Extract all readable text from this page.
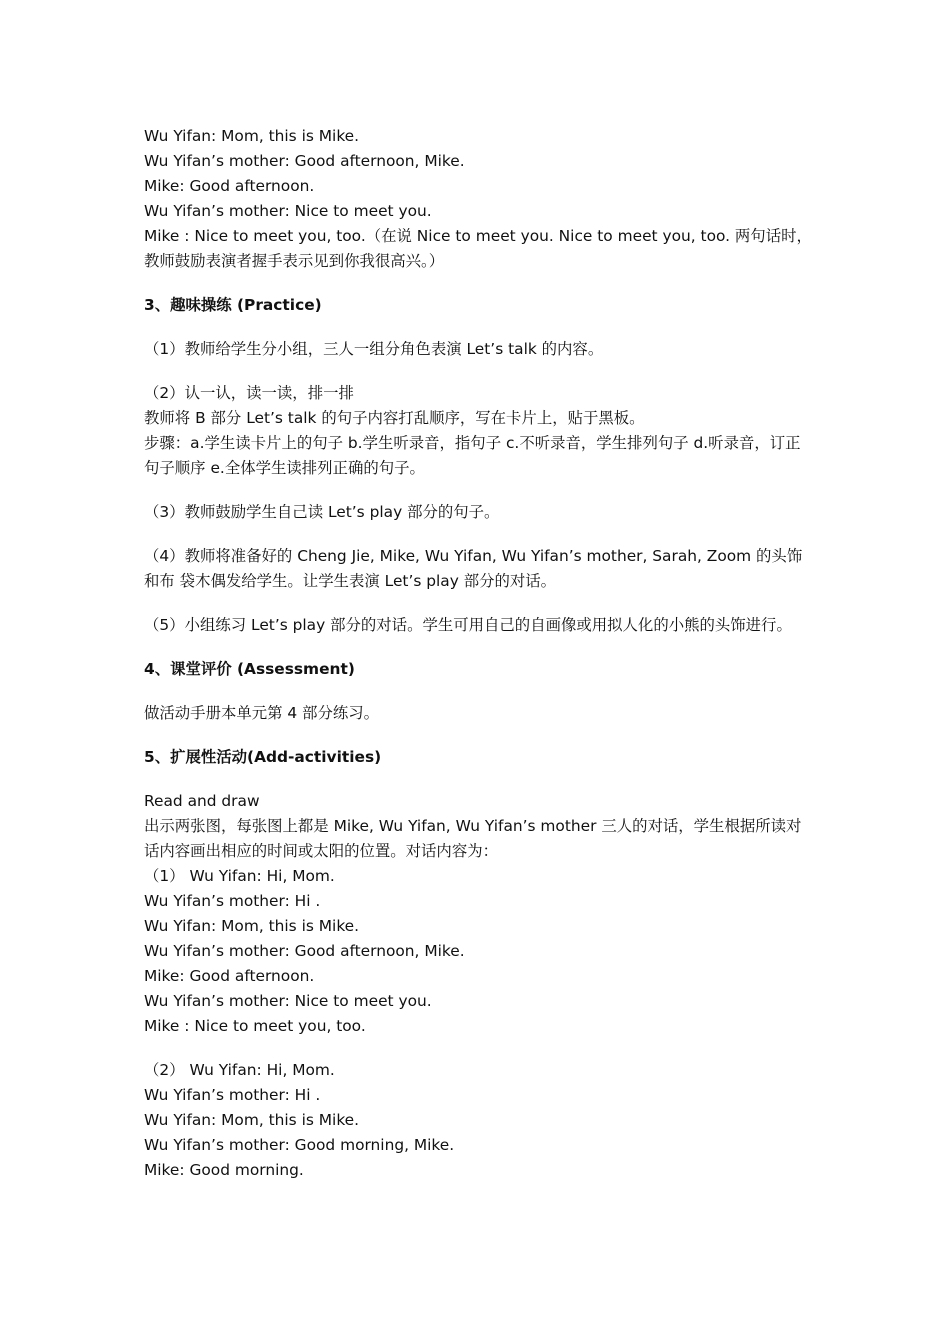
Wu Yifan: Mom, this is Mike.
Wu Yifan’s mother: Good afternoon, Mike.
Mike: Good afternoon.
Wu Yifan’s mother: Nice to meet you.
Mike : Nice to meet you, too.（在说 Nice to meet you. Nice to meet you, too. 两句话时，教师鼓励表演者握手表示见到你我很高兴。）
3、趣味操练 (Practice)
（1）教师给学生分小组，三人一组分角色表演 Let’s talk 的内容。
（2）认一认，读一读，排一排
教师将 B 部分 Let’s talk 的句子内容打乱顺序，写在卡片上，贴于黑板。
步骤：a.学生读卡片上的句子 b.学生听录音，指句子 c.不听录音，学生排列句子 d.听录音，订正句子顺序 e.全体学生读排列正确的句子。
（3）教师鼓励学生自己读 Let’s play 部分的句子。
（4）教师将准备好的 Cheng Jie, Mike, Wu Yifan, Wu Yifan’s mother, Sarah, Zoom 的头饰和布 袋木偶发给学生。让学生表演 Let’s play 部分的对话。
（5）小组练习 Let’s play 部分的对话。学生可用自己的自画像或用拟人化的小熊的头饰进行。
4、课堂评价 (Assessment)
做活动手册本单元第 4 部分练习。
5、扩展性活动(Add-activities)
Read and draw
出示两张图，每张图上都是 Mike, Wu Yifan, Wu Yifan’s mother 三人的对话，学生根据所读对话内容画出相应的时间或太阳的位置。对话内容为：
（1） Wu Yifan: Hi, Mom.
Wu Yifan’s mother: Hi .
Wu Yifan: Mom, this is Mike.
Wu Yifan’s mother: Good afternoon, Mike.
Mike: Good afternoon.
Wu Yifan’s mother: Nice to meet you.
Mike : Nice to meet you, too.
（2） Wu Yifan: Hi, Mom.
Wu Yifan’s mother: Hi .
Wu Yifan: Mom, this is Mike.
Wu Yifan’s mother: Good morning, Mike.
Mike: Good morning.
